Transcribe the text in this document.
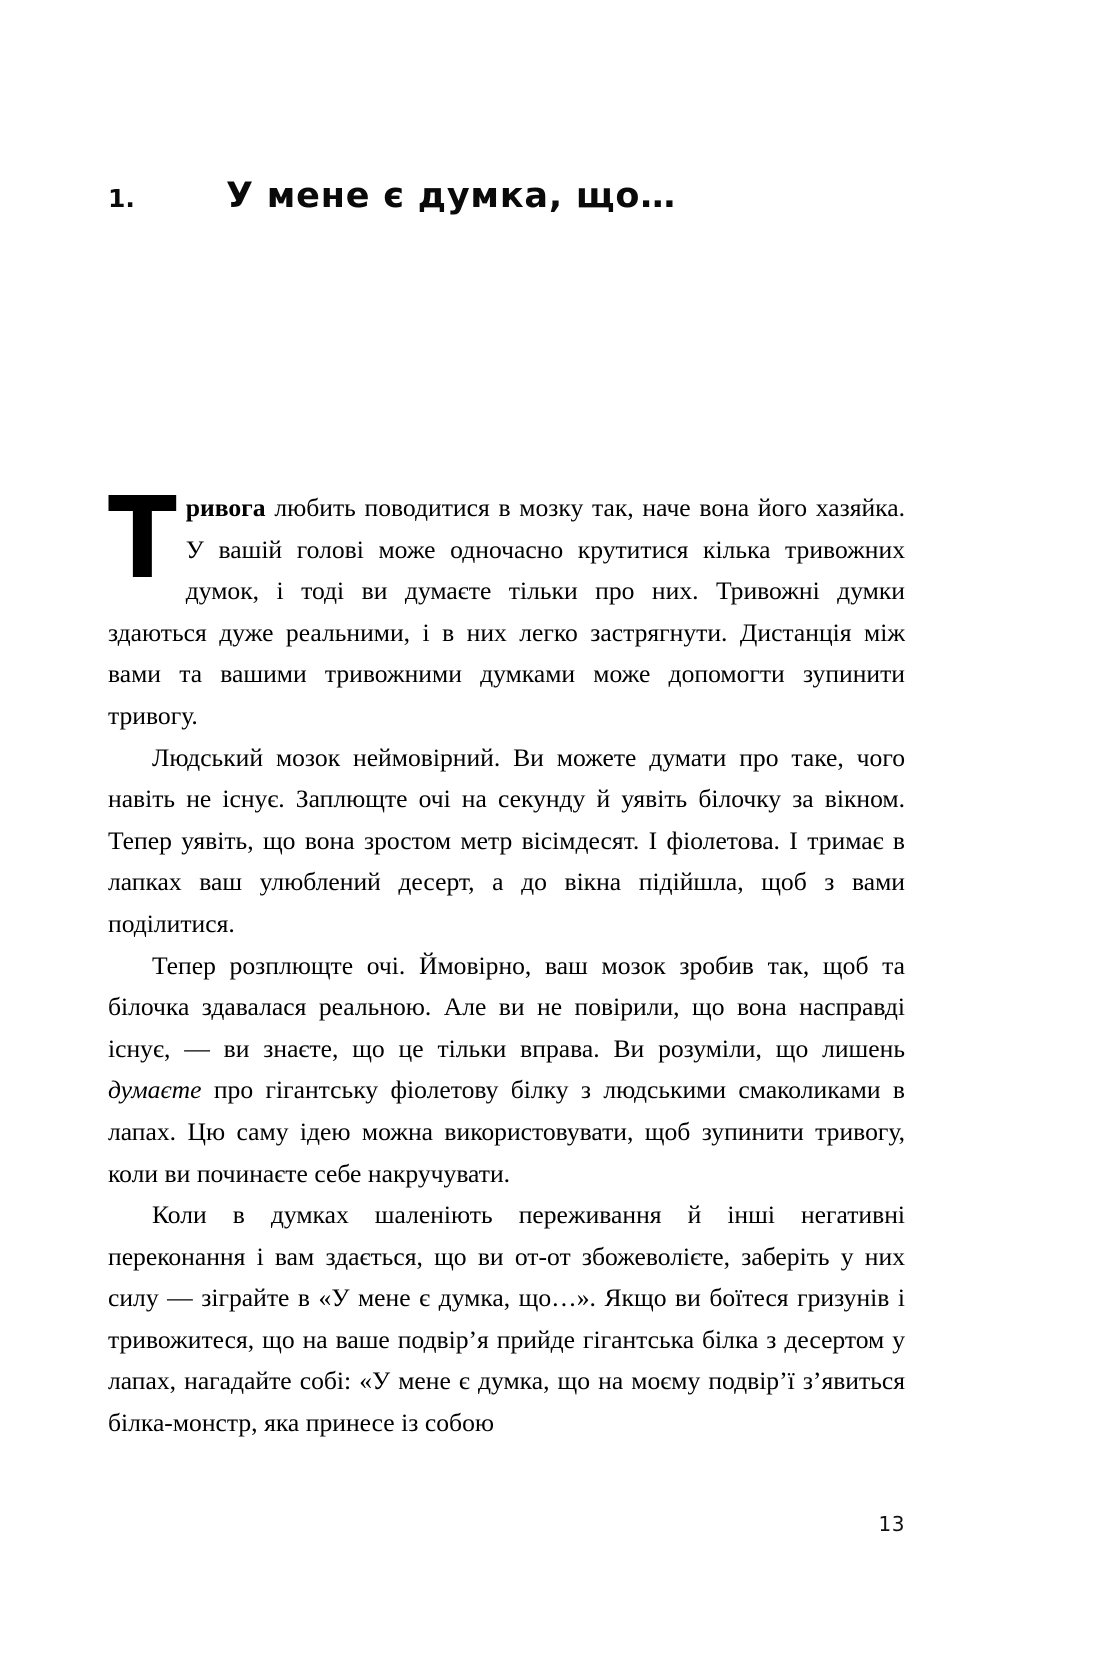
1.	У мене є думка, що…

Тривога любить поводитися в мозку так, наче вона його хазяйка. У вашій голові може одночасно крутитися кілька тривожних думок, і тоді ви думаєте тільки про них. Тривожні думки здаються дуже реальними, і в них легко застрягнути. Дистанція між вами та вашими тривожними думками може допомогти зупинити тривогу.

Людський мозок неймовірний. Ви можете думати про таке, чого навіть не існує. Заплющте очі на секунду й уявіть білочку за вікном. Тепер уявіть, що вона зростом метр вісімдесят. І фіолетова. І тримає в лапках ваш улюблений десерт, а до вікна підійшла, щоб з вами поділитися.

Тепер розплющте очі. Ймовірно, ваш мозок зробив так, щоб та білочка здавалася реальною. Але ви не повірили, що вона насправді існує, — ви знаєте, що це тільки вправа. Ви розуміли, що лишень думаєте про гігантську фіолетову білку з людськими смаколиками в лапах. Цю саму ідею можна використовувати, щоб зупинити тривогу, коли ви починаєте себе накручувати.

Коли в думках шаленіють переживання й інші негативні переконання і вам здається, що ви от-от збожеволієте, заберіть у них силу — зіграйте в «У мене є думка, що…». Якщо ви боїтеся гризунів і тривожитеся, що на ваше подвір’я прийде гігантська білка з десертом у лапах, нагадайте собі: «У мене є думка, що на моєму подвір’ї з’явиться білка-монстр, яка принесе із собою

13
